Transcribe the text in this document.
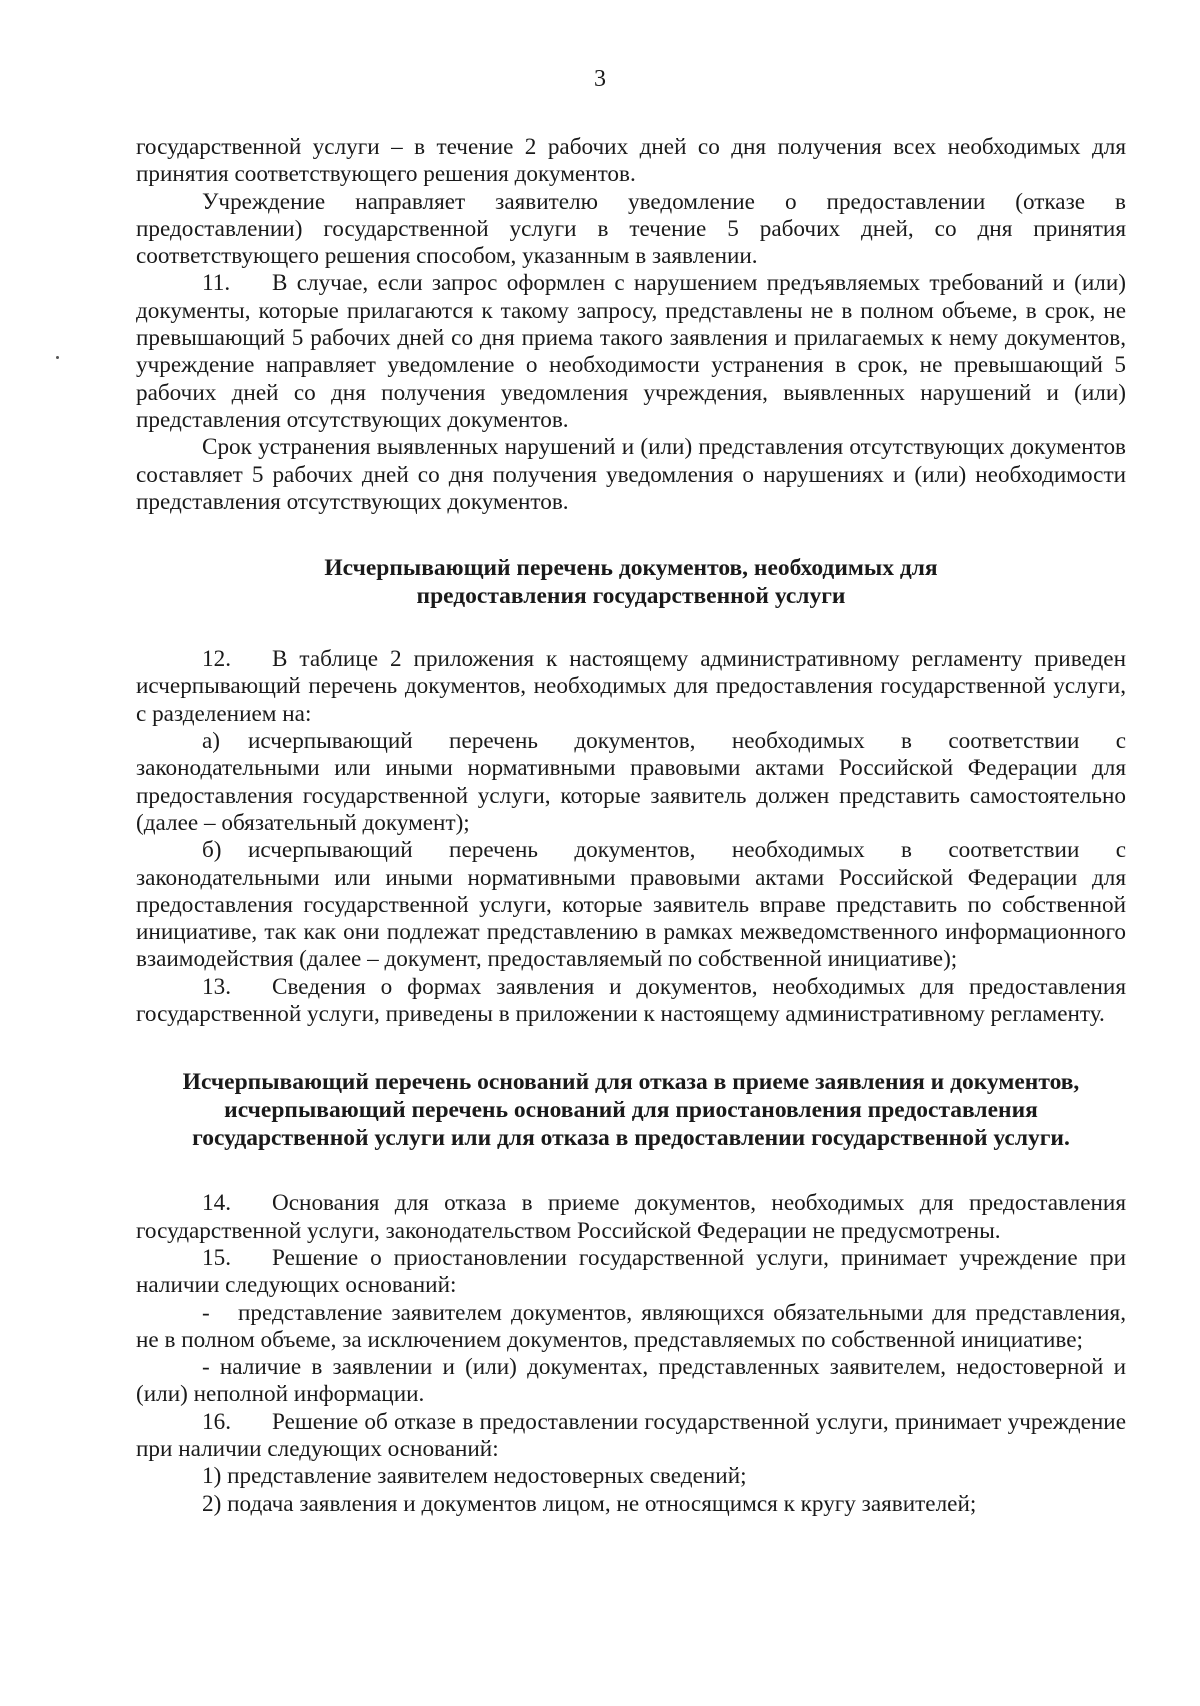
3

государственной услуги – в течение 2 рабочих дней со дня получения всех необходимых для принятия соответствующего решения документов.

Учреждение направляет заявителю уведомление о предоставлении (отказе в предоставлении) государственной услуги в течение 5 рабочих дней, со дня принятия соответствующего решения способом, указанным в заявлении.

11. В случае, если запрос оформлен с нарушением предъявляемых требований и (или) документы, которые прилагаются к такому запросу, представлены не в полном объеме, в срок, не превышающий 5 рабочих дней со дня приема такого заявления и прилагаемых к нему документов, учреждение направляет уведомление о необходимости устранения в срок, не превышающий 5 рабочих дней со дня получения уведомления учреждения, выявленных нарушений и (или) представления отсутствующих документов.

Срок устранения выявленных нарушений и (или) представления отсутствующих документов составляет 5 рабочих дней со дня получения уведомления о нарушениях и (или) необходимости представления отсутствующих документов.

Исчерпывающий перечень документов, необходимых для
предоставления государственной услуги

12. В таблице 2 приложения к настоящему административному регламенту приведен исчерпывающий перечень документов, необходимых для предоставления государственной услуги, с разделением на:

а) исчерпывающий перечень документов, необходимых в соответствии с законодательными или иными нормативными правовыми актами Российской Федерации для предоставления государственной услуги, которые заявитель должен представить самостоятельно (далее – обязательный документ);

б) исчерпывающий перечень документов, необходимых в соответствии с законодательными или иными нормативными правовыми актами Российской Федерации для предоставления государственной услуги, которые заявитель вправе представить по собственной инициативе, так как они подлежат представлению в рамках межведомственного информационного взаимодействия (далее – документ, предоставляемый по собственной инициативе);

13. Сведения о формах заявления и документов, необходимых для предоставления государственной услуги, приведены в приложении к настоящему административному регламенту.

Исчерпывающий перечень оснований для отказа в приеме заявления и документов,
исчерпывающий перечень оснований для приостановления предоставления
государственной услуги или для отказа в предоставлении государственной услуги.

14. Основания для отказа в приеме документов, необходимых для предоставления государственной услуги, законодательством Российской Федерации не предусмотрены.

15. Решение о приостановлении государственной услуги, принимает учреждение при наличии следующих оснований:

- представление заявителем документов, являющихся обязательными для представления, не в полном объеме, за исключением документов, представляемых по собственной инициативе;

- наличие в заявлении и (или) документах, представленных заявителем, недостоверной и (или) неполной информации.

16. Решение об отказе в предоставлении государственной услуги, принимает учреждение при наличии следующих оснований:

1) представление заявителем недостоверных сведений;

2) подача заявления и документов лицом, не относящимся к кругу заявителей;
